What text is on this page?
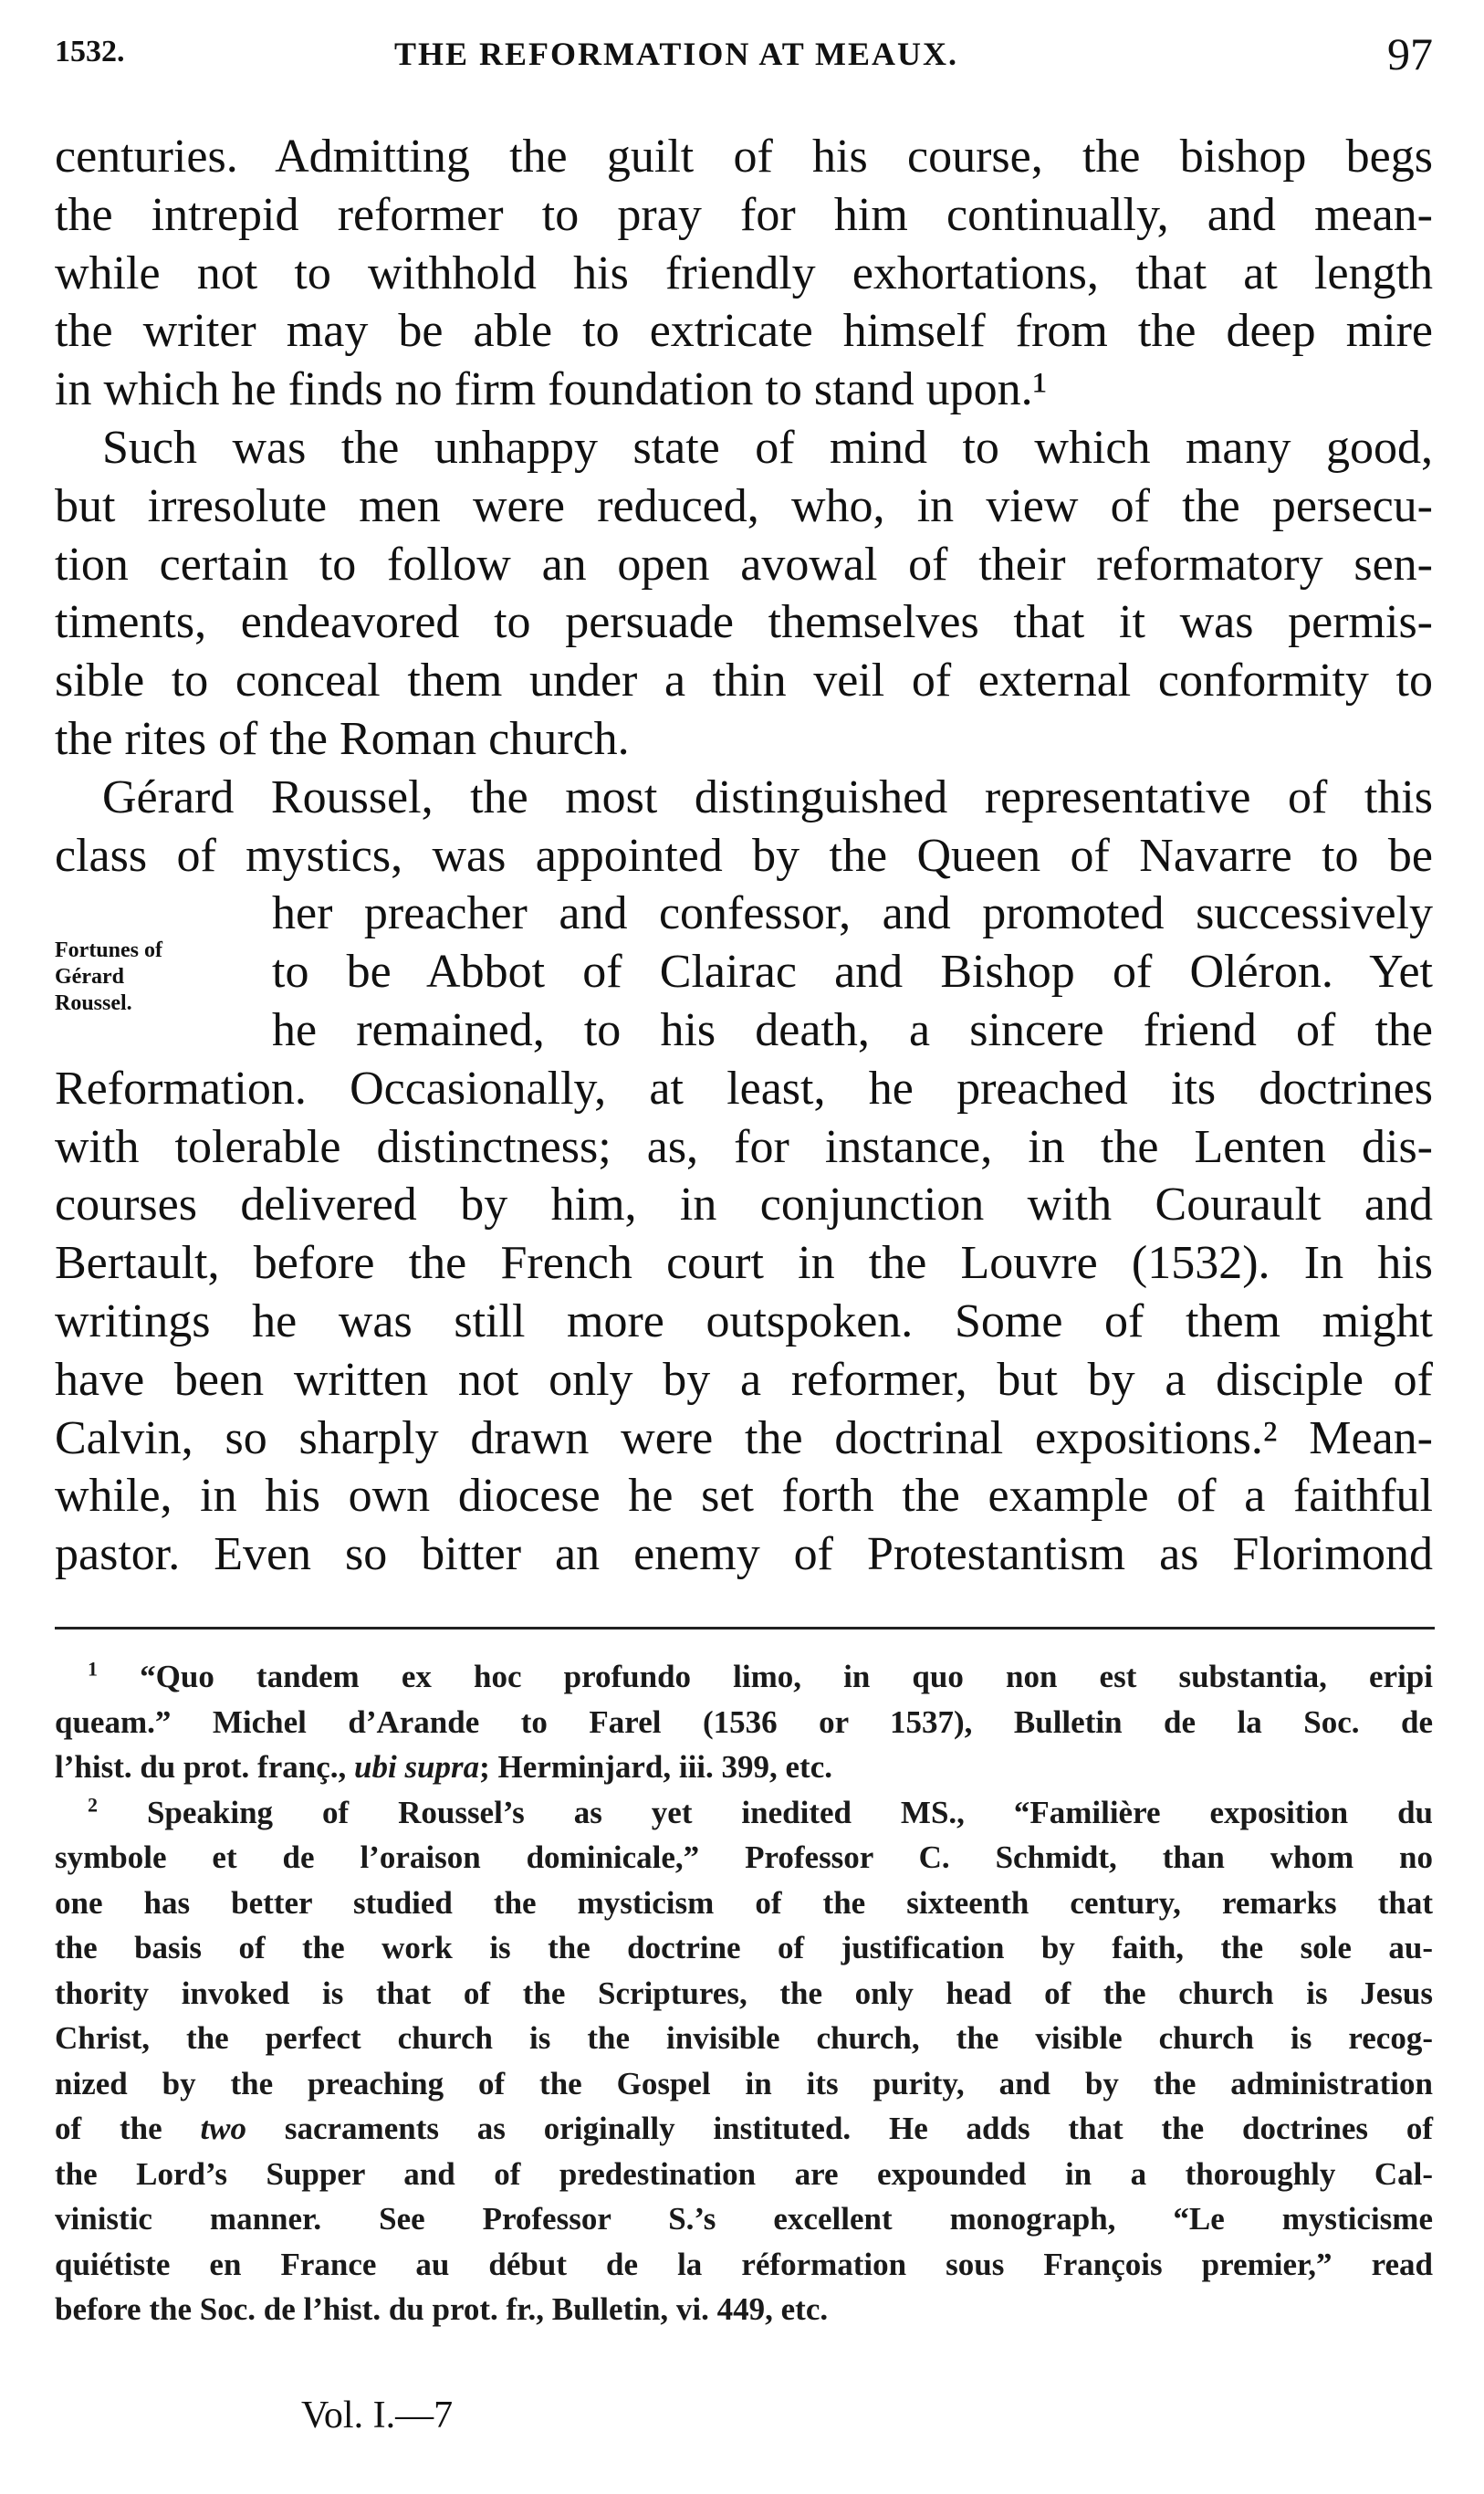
1532.	THE REFORMATION AT MEAUX.	97
centuries. Admitting the guilt of his course, the bishop begs
the intrepid reformer to pray for him continually, and mean-
while not to withhold his friendly exhortations, that at length
the writer may be able to extricate himself from the deep mire
in which he finds no firm foundation to stand upon.¹
Such was the unhappy state of mind to which many good,
but irresolute men were reduced, who, in view of the persecu-
tion certain to follow an open avowal of their reformatory sen-
timents, endeavored to persuade themselves that it was permis-
sible to conceal them under a thin veil of external conformity to
the rites of the Roman church.
Gérard Roussel, the most distinguished representative of this
class of mystics, was appointed by the Queen of Navarre to be
her preacher and confessor, and promoted successively
to be Abbot of Clairac and Bishop of Oléron. Yet
he remained, to his death, a sincere friend of the
Reformation. Occasionally, at least, he preached its doctrines
with tolerable distinctness; as, for instance, in the Lenten dis-
courses delivered by him, in conjunction with Courault and
Bertault, before the French court in the Louvre (1532). In his
writings he was still more outspoken. Some of them might
have been written not only by a reformer, but by a disciple of
Calvin, so sharply drawn were the doctrinal expositions.² Mean-
while, in his own diocese he set forth the example of a faithful
pastor. Even so bitter an enemy of Protestantism as Florimond
Fortunes of
Gérard
Roussel.
$^1$ “Quo tandem ex hoc profundo limo, in quo non est substantia, eripi
queam.” Michel d’Arande to Farel (1536 or 1537), Bulletin de la Soc. de
l’hist. du prot. franç., ubi supra; Herminjard, iii. 399, etc.
$^2$ Speaking of Roussel’s as yet inedited MS., “Familière exposition du
symbole et de l’oraison dominicale,” Professor C. Schmidt, than whom no
one has better studied the mysticism of the sixteenth century, remarks that
the basis of the work is the doctrine of justification by faith, the sole au-
thority invoked is that of the Scriptures, the only head of the church is Jesus
Christ, the perfect church is the invisible church, the visible church is recog-
nized by the preaching of the Gospel in its purity, and by the administration
of the two sacraments as originally instituted. He adds that the doctrines of
the Lord’s Supper and of predestination are expounded in a thoroughly Cal-
vinistic manner. See Professor S.’s excellent monograph, “Le mysticisme
quiétiste en France au début de la réformation sous François premier,” read
before the Soc. de l’hist. du prot. fr., Bulletin, vi. 449, etc.
Vol. I.—7
